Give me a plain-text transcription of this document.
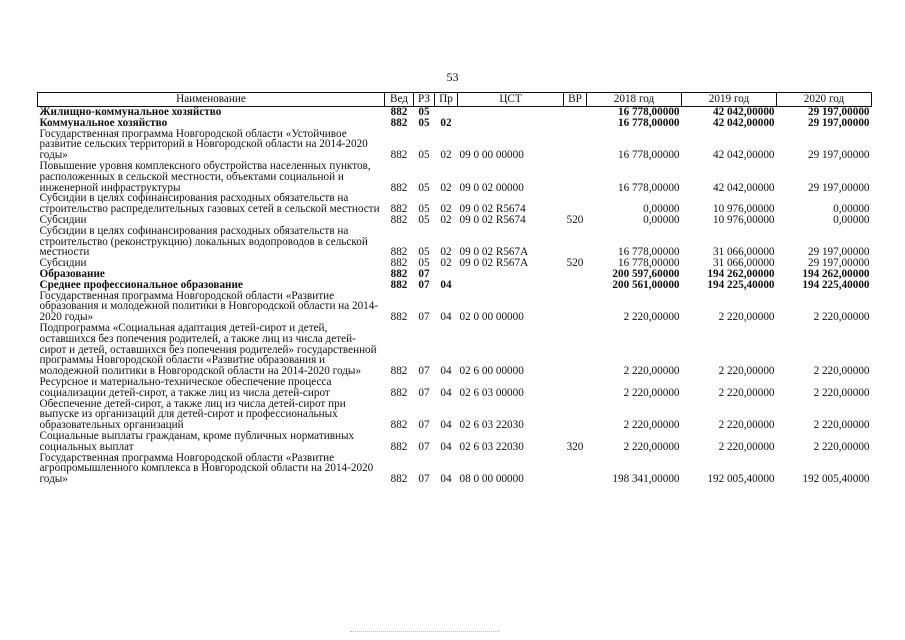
53
Наименование	Вед	РЗ	Пр	ЦСТ	ВР	2018 год	2019 год	2020 год
Жилищно-коммунальное хозяйство	882	05				16 778,00000	42 042,00000	29 197,00000
Коммунальное хозяйство	882	05	02			16 778,00000	42 042,00000	29 197,00000
Государственная программа Новгородской области «Устойчивое развитие сельских территорий в Новгородской области на 2014-2020 годы»	882	05	02	09 0 00 00000		16 778,00000	42 042,00000	29 197,00000
Повышение уровня комплексного обустройства населенных пунктов, расположенных в сельской местности, объектами социальной и инженерной инфраструктуры	882	05	02	09 0 02 00000		16 778,00000	42 042,00000	29 197,00000
Субсидии в целях софинансирования расходных обязательств на строительство распределительных газовых сетей в сельской местности	882	05	02	09 0 02 R5674		0,00000	10 976,00000	0,00000
Субсидии	882	05	02	09 0 02 R5674	520	0,00000	10 976,00000	0,00000
Субсидии в целях софинансирования расходных обязательств на строительство (реконструкцию) локальных водопроводов в сельской местности	882	05	02	09 0 02 R567A		16 778,00000	31 066,00000	29 197,00000
Субсидии	882	05	02	09 0 02 R567A	520	16 778,00000	31 066,00000	29 197,00000
Образование	882	07				200 597,60000	194 262,00000	194 262,00000
Среднее профессиональное образование	882	07	04			200 561,00000	194 225,40000	194 225,40000
Государственная программа Новгородской области «Развитие образования и молодежной политики в Новгородской области на 2014-2020 годы»	882	07	04	02 0 00 00000		2 220,00000	2 220,00000	2 220,00000
Подпрограмма «Социальная адаптация детей-сирот и детей, оставшихся без попечения родителей, а также лиц из числа детей-сирот и детей, оставшихся без попечения родителей» государственной программы Новгородской области «Развитие образования и молодежной политики в Новгородской области на 2014-2020 годы»	882	07	04	02 6 00 00000		2 220,00000	2 220,00000	2 220,00000
Ресурсное и материально-техническое обеспечение процесса социализации детей-сирот, а также лиц из числа детей-сирот	882	07	04	02 6 03 00000		2 220,00000	2 220,00000	2 220,00000
Обеспечение детей-сирот, а также лиц из числа детей-сирот при выпуске из организаций для детей-сирот и профессиональных образовательных организаций	882	07	04	02 6 03 22030		2 220,00000	2 220,00000	2 220,00000
Социальные выплаты гражданам, кроме публичных нормативных социальных выплат	882	07	04	02 6 03 22030	320	2 220,00000	2 220,00000	2 220,00000
Государственная программа Новгородской области «Развитие агропромышленного комплекса в Новгородской области на 2014-2020 годы»	882	07	04	08 0 00 00000		198 341,00000	192 005,40000	192 005,40000
